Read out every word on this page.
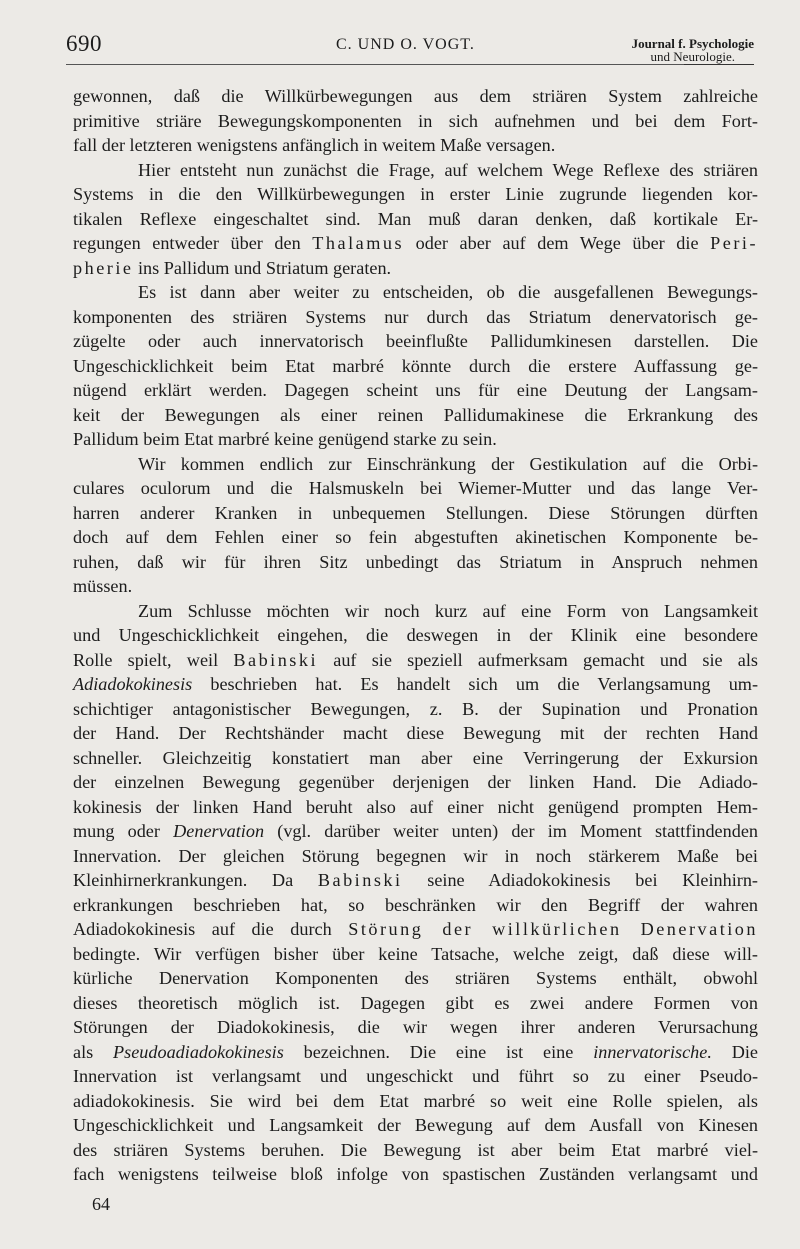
690	C. UND O. VOGT.	Journal f. Psychologie
und Neurologie.
gewonnen, daß die Willkürbewegungen aus dem striären System zahlreiche
primitive striäre Bewegungskomponenten in sich aufnehmen und bei dem Fort-
fall der letzteren wenigstens anfänglich in weitem Maße versagen.
Hier entsteht nun zunächst die Frage, auf welchem Wege Reflexe des striären
Systems in die den Willkürbewegungen in erster Linie zugrunde liegenden kor-
tikalen Reflexe eingeschaltet sind. Man muß daran denken, daß kortikale Er-
regungen entweder über den Thalamus oder aber auf dem Wege über die Peri-
pherie ins Pallidum und Striatum geraten.
Es ist dann aber weiter zu entscheiden, ob die ausgefallenen Bewegungs-
komponenten des striären Systems nur durch das Striatum denervatorisch ge-
zügelte oder auch innervatorisch beeinflußte Pallidumkinesen darstellen. Die
Ungeschicklichkeit beim Etat marbré könnte durch die erstere Auffassung ge-
nügend erklärt werden. Dagegen scheint uns für eine Deutung der Langsam-
keit der Bewegungen als einer reinen Pallidumakinese die Erkrankung des
Pallidum beim Etat marbré keine genügend starke zu sein.
Wir kommen endlich zur Einschränkung der Gestikulation auf die Orbi-
culares oculorum und die Halsmuskeln bei Wiemer-Mutter und das lange Ver-
harren anderer Kranken in unbequemen Stellungen. Diese Störungen dürften
doch auf dem Fehlen einer so fein abgestuften akinetischen Komponente be-
ruhen, daß wir für ihren Sitz unbedingt das Striatum in Anspruch nehmen
müssen.
Zum Schlusse möchten wir noch kurz auf eine Form von Langsamkeit
und Ungeschicklichkeit eingehen, die deswegen in der Klinik eine besondere
Rolle spielt, weil Babinski auf sie speziell aufmerksam gemacht und sie als
Adiadokokinesis beschrieben hat. Es handelt sich um die Verlangsamung um-
schichtiger antagonistischer Bewegungen, z. B. der Supination und Pronation
der Hand. Der Rechtshänder macht diese Bewegung mit der rechten Hand
schneller. Gleichzeitig konstatiert man aber eine Verringerung der Exkursion
der einzelnen Bewegung gegenüber derjenigen der linken Hand. Die Adiado-
kokinesis der linken Hand beruht also auf einer nicht genügend prompten Hem-
mung oder Denervation (vgl. darüber weiter unten) der im Moment stattfindenden
Innervation. Der gleichen Störung begegnen wir in noch stärkerem Maße bei
Kleinhirnerkrankungen. Da Babinski seine Adiadokokinesis bei Kleinhirn-
erkrankungen beschrieben hat, so beschränken wir den Begriff der wahren
Adiadokokinesis auf die durch Störung der willkürlichen Denervation
bedingte. Wir verfügen bisher über keine Tatsache, welche zeigt, daß diese will-
kürliche Denervation Komponenten des striären Systems enthält, obwohl
dieses theoretisch möglich ist. Dagegen gibt es zwei andere Formen von
Störungen der Diadokokinesis, die wir wegen ihrer anderen Verursachung
als Pseudoadiadokokinesis bezeichnen. Die eine ist eine innervatorische. Die
Innervation ist verlangsamt und ungeschickt und führt so zu einer Pseudo-
adiadokokinesis. Sie wird bei dem Etat marbré so weit eine Rolle spielen, als
Ungeschicklichkeit und Langsamkeit der Bewegung auf dem Ausfall von Kinesen
des striären Systems beruhen. Die Bewegung ist aber beim Etat marbré viel-
fach wenigstens teilweise bloß infolge von spastischen Zuständen verlangsamt und
64
